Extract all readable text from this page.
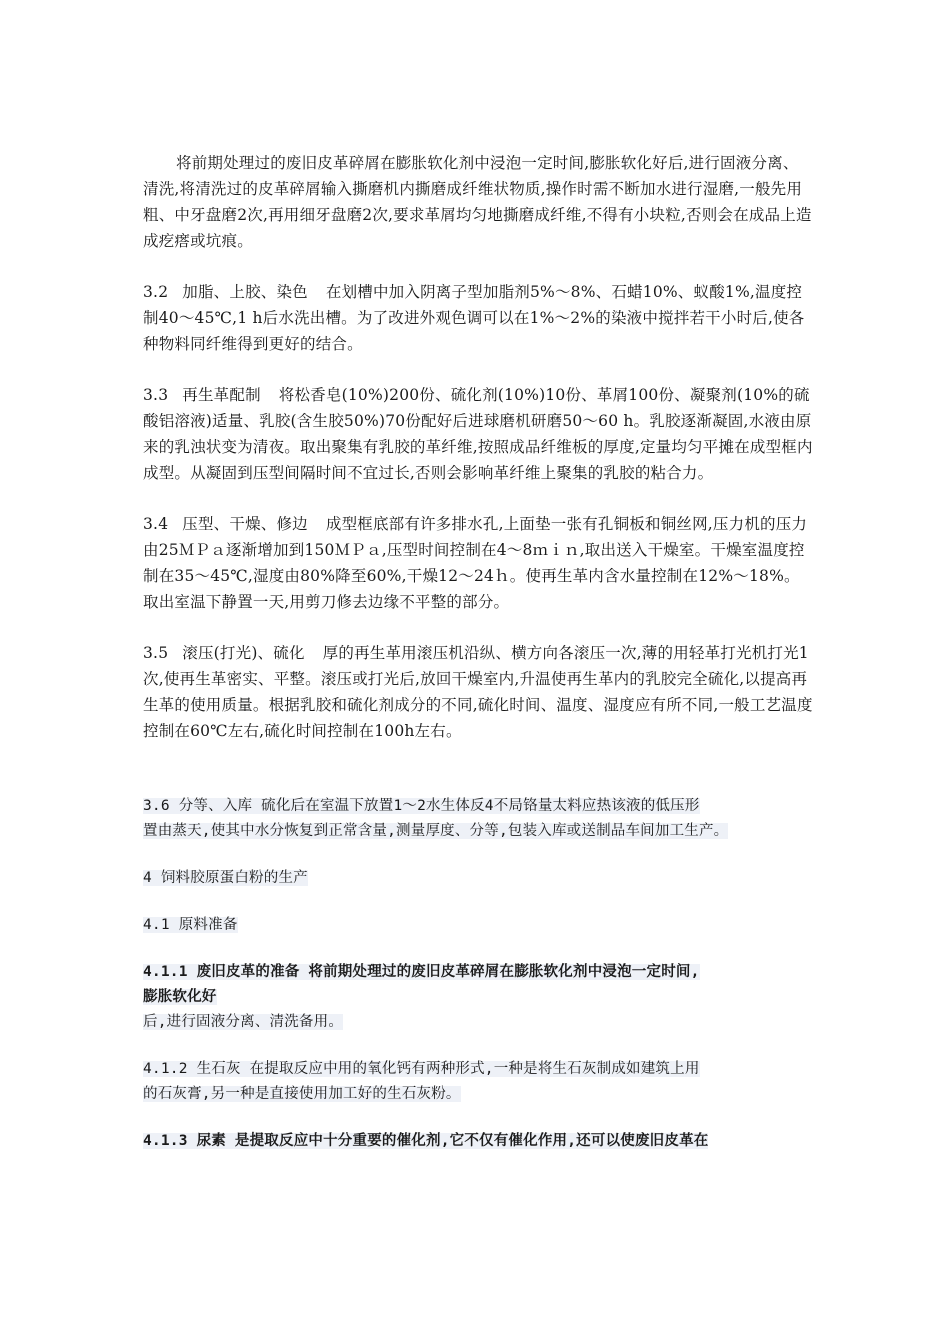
将前期处理过的废旧皮革碎屑在膨胀软化剂中浸泡一定时间,膨胀软化好后,进行固液分离、清洗,将清洗过的皮革碎屑输入撕磨机内撕磨成纤维状物质,操作时需不断加水进行湿磨,一般先用粗、中牙盘磨2次,再用细牙盘磨2次,要求革屑均匀地撕磨成纤维,不得有小块粒,否则会在成品上造成疙瘩或坑痕。

3.2 加脂、上胶、染色 在划槽中加入阴离子型加脂剂5%～8%、石蜡10%、蚁酸1%,温度控制40～45℃,1 h后水洗出槽。为了改进外观色调可以在1%～2%的染液中搅拌若干小时后,使各种物料同纤维得到更好的结合。

3.3 再生革配制 将松香皂(10%)200份、硫化剂(10%)10份、革屑100份、凝聚剂(10%的硫酸铝溶液)适量、乳胶(含生胶50%)70份配好后进球磨机研磨50～60 h。乳胶逐渐凝固,水液由原来的乳浊状变为清夜。取出聚集有乳胶的革纤维,按照成品纤维板的厚度,定量均匀平摊在成型框内成型。从凝固到压型间隔时间不宜过长,否则会影响革纤维上聚集的乳胶的粘合力。

3.4 压型、干燥、修边 成型框底部有许多排水孔,上面垫一张有孔铜板和铜丝网,压力机的压力由25ＭＰａ逐渐增加到150ＭＰａ,压型时间控制在4～8ｍｉｎ,取出送入干燥室。干燥室温度控制在35～45℃,湿度由80%降至60%,干燥12～24ｈ。使再生革内含水量控制在12%～18%。取出室温下静置一天,用剪刀修去边缘不平整的部分。

3.5 滚压(打光)、硫化 厚的再生革用滚压机沿纵、横方向各滚压一次,薄的用轻革打光机打光1次,使再生革密实、平整。滚压或打光后,放回干燥室内,升温使再生革内的乳胶完全硫化,以提高再生革的使用质量。根据乳胶和硫化剂成分的不同,硫化时间、温度、湿度应有所不同,一般工艺温度控制在60℃左右,硫化时间控制在100h左右。

3.6 分等、入库 硫化后在室温下放置1～2水生体反4不局铬量太料应热该液的低压形
置由蒸天,使其中水分恢复到正常含量,测量厚度、分等,包装入库或送制品车间加工生产。

4 饲料胶原蛋白粉的生产

4.1 原料准备

4.1.1 废旧皮革的准备 将前期处理过的废旧皮革碎屑在膨胀软化剂中浸泡一定时间,
膨胀软化好
后,进行固液分离、清洗备用。

4.1.2 生石灰 在提取反应中用的氧化钙有两种形式,一种是将生石灰制成如建筑上用
的石灰膏,另一种是直接使用加工好的生石灰粉。

4.1.3 尿素 是提取反应中十分重要的催化剂,它不仅有催化作用,还可以使废旧皮革在
